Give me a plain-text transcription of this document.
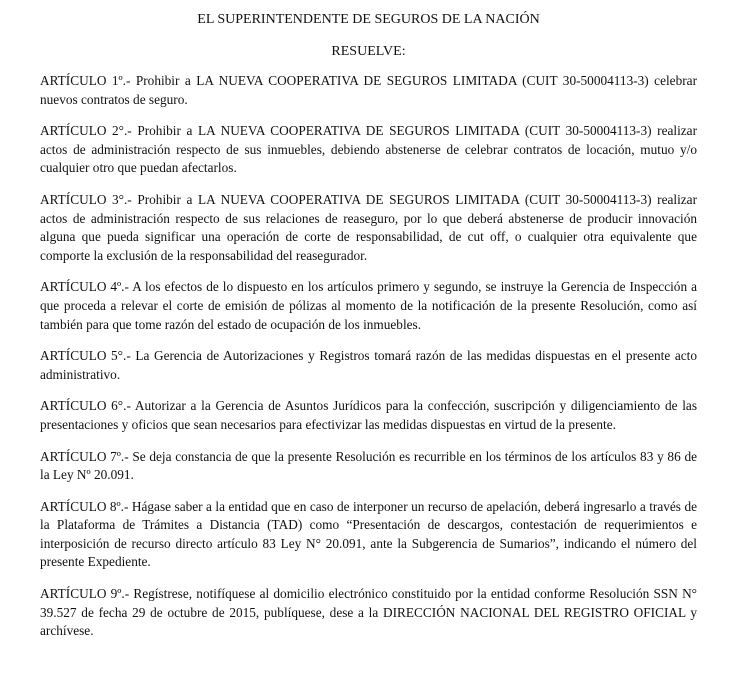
EL SUPERINTENDENTE DE SEGUROS DE LA NACIÓN

RESUELVE:

ARTÍCULO 1º.- Prohibir a LA NUEVA COOPERATIVA DE SEGUROS LIMITADA (CUIT 30-50004113-3) celebrar nuevos contratos de seguro.

ARTÍCULO 2°.- Prohibir a LA NUEVA COOPERATIVA DE SEGUROS LIMITADA (CUIT 30-50004113-3) realizar actos de administración respecto de sus inmuebles, debiendo abstenerse de celebrar contratos de locación, mutuo y/o cualquier otro que puedan afectarlos.

ARTÍCULO 3°.- Prohibir a LA NUEVA COOPERATIVA DE SEGUROS LIMITADA (CUIT 30-50004113-3) realizar actos de administración respecto de sus relaciones de reaseguro, por lo que deberá abstenerse de producir innovación alguna que pueda significar una operación de corte de responsabilidad, de cut off, o cualquier otra equivalente que comporte la exclusión de la responsabilidad del reasegurador.

ARTÍCULO 4º.- A los efectos de lo dispuesto en los artículos primero y segundo, se instruye la Gerencia de Inspección a que proceda a relevar el corte de emisión de pólizas al momento de la notificación de la presente Resolución, como así también para que tome razón del estado de ocupación de los inmuebles.

ARTÍCULO 5°.- La Gerencia de Autorizaciones y Registros tomará razón de las medidas dispuestas en el presente acto administrativo.

ARTÍCULO 6°.- Autorizar a la Gerencia de Asuntos Jurídicos para la confección, suscripción y diligenciamiento de las presentaciones y oficios que sean necesarios para efectivizar las medidas dispuestas en virtud de la presente.

ARTÍCULO 7º.- Se deja constancia de que la presente Resolución es recurrible en los términos de los artículos 83 y 86 de la Ley Nº 20.091.

ARTÍCULO 8º.- Hágase saber a la entidad que en caso de interponer un recurso de apelación, deberá ingresarlo a través de la Plataforma de Trámites a Distancia (TAD) como “Presentación de descargos, contestación de requerimientos e interposición de recurso directo artículo 83 Ley N° 20.091, ante la Subgerencia de Sumarios”, indicando el número del presente Expediente.

ARTÍCULO 9º.- Regístrese, notifíquese al domicilio electrónico constituido por la entidad conforme Resolución SSN N° 39.527 de fecha 29 de octubre de 2015, publíquese, dese a la DIRECCIÓN NACIONAL DEL REGISTRO OFICIAL y archívese.
